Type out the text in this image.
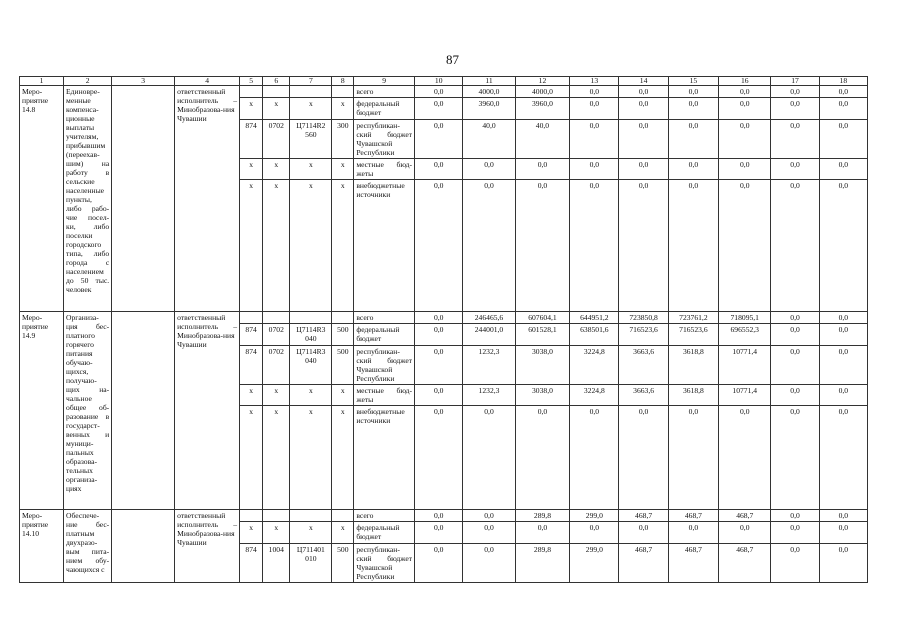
87
1	2	3	4	5	6	7	8	9	10	11	12	13	14	15	16	17	18
Меро-приятие 14.8	Единовре-менные компенса-ционные выплаты учителям, прибывшим (переехав-шим) на работу в сельские населенные пункты, либо рабо-чие посел-ки, либо поселки городского типа, либо города с населением до 50 тыс. человек		ответственный исполнитель – Минобразова-ния Чувашии					всего	0,0	4000,0	4000,0	0,0	0,0	0,0	0,0	0,0	0,0
				x	x	x	x	федеральный бюджет	0,0	3960,0	3960,0	0,0	0,0	0,0	0,0	0,0	0,0
				874	0702	Ц7114R2 560	300	республикан-ский бюджет Чувашской Республики	0,0	40,0	40,0	0,0	0,0	0,0	0,0	0,0	0,0
				x	x	x	x	местные бюд-жеты	0,0	0,0	0,0	0,0	0,0	0,0	0,0	0,0	0,0
				x	x	x	x	внебюджетные источники	0,0	0,0	0,0	0,0	0,0	0,0	0,0	0,0	0,0
Меро-приятие 14.9	Организа-ция бес-платного горячего питания обучаю-щихся, получаю-щих на-чальное общее об-разование в государст-венных и муници-пальных образова-тельных организа-циях		ответственный исполнитель – Минобразова-ния Чувашии					всего	0,0	246465,6	607604,1	644951,2	723850,8	723761,2	718095,1	0,0	0,0
				874	0702	Ц7114R3 040	500	федеральный бюджет	0,0	244001,0	601528,1	638501,6	716523,6	716523,6	696552,3	0,0	0,0
				874	0702	Ц7114R3 040	500	республикан-ский бюджет Чувашской Республики	0,0	1232,3	3038,0	3224,8	3663,6	3618,8	10771,4	0,0	0,0
				x	x	x	x	местные бюд-жеты	0,0	1232,3	3038,0	3224,8	3663,6	3618,8	10771,4	0,0	0,0
				x	x	x	x	внебюджетные источники	0,0	0,0	0,0	0,0	0,0	0,0	0,0	0,0	0,0
Меро-приятие 14.10	Обеспече-ние бес-платным двухразо-вым пита-нием обу-чающихся с		ответственный исполнитель – Минобразова-ния Чувашии					всего	0,0	0,0	289,8	299,0	468,7	468,7	468,7	0,0	0,0
				x	x	x	x	федеральный бюджет	0,0	0,0	0,0	0,0	0,0	0,0	0,0	0,0	0,0
				874	1004	Ц711401 010	500	республикан-ский бюджет Чувашской Республики	0,0	0,0	289,8	299,0	468,7	468,7	468,7	0,0	0,0
